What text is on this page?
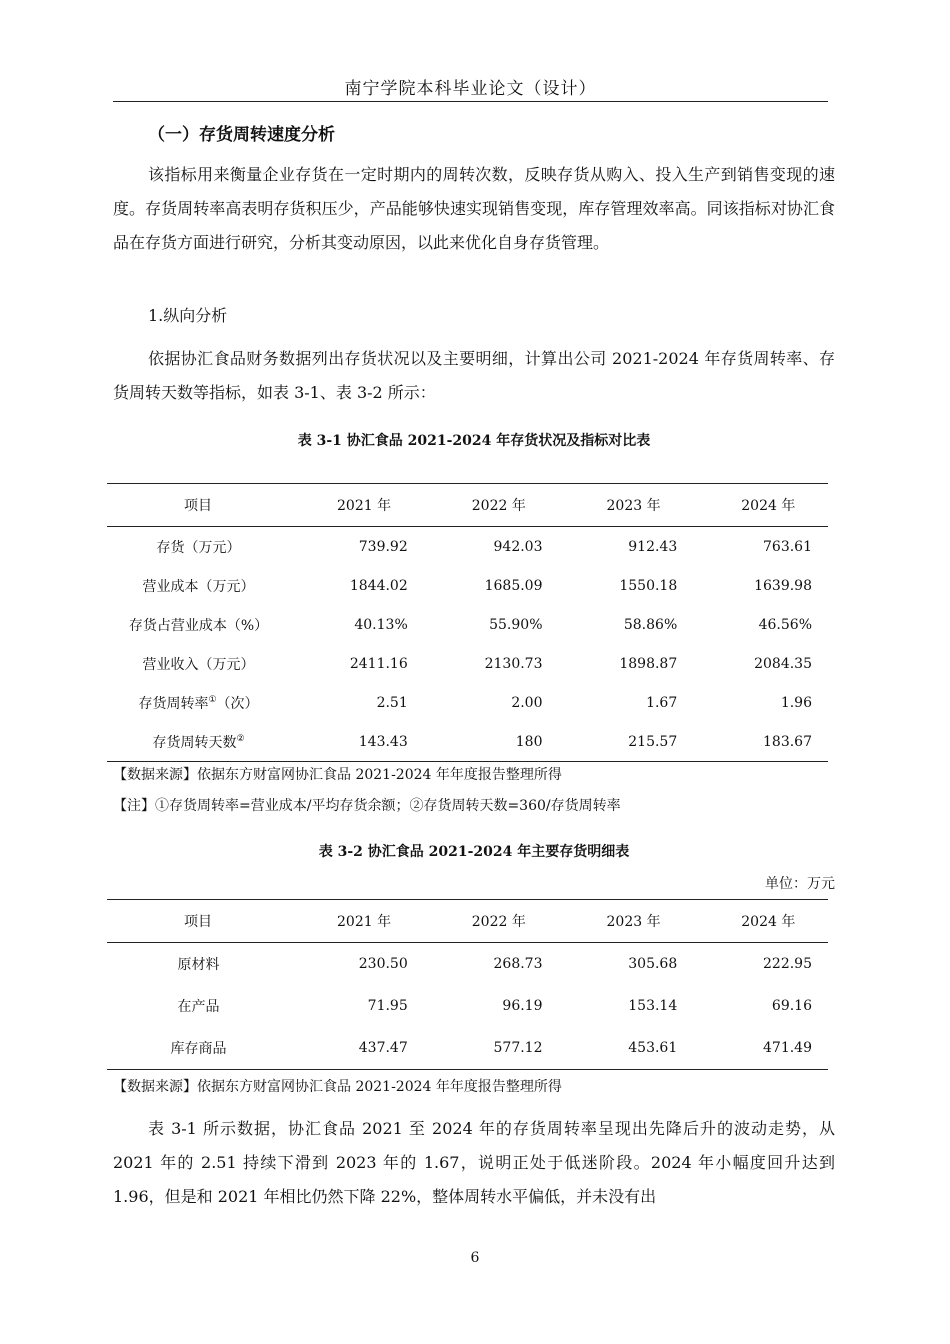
南宁学院本科毕业论文（设计）
（一）存货周转速度分析

该指标用来衡量企业存货在一定时期内的周转次数，反映存货从购入、投入生产到销售变现的速度。存货周转率高表明存货积压少，产品能够快速实现销售变现，库存管理效率高。同该指标对协汇食品在存货方面进行研究，分析其变动原因，以此来优化自身存货管理。

1.纵向分析

依据协汇食品财务数据列出存货状况以及主要明细，计算出公司 2021-2024 年存货周转率、存货周转天数等指标，如表 3-1、表 3-2 所示：

表 3-1 协汇食品 2021-2024 年存货状况及指标对比表
项目	2021 年	2022 年	2023 年	2024 年
存货（万元）	739.92	942.03	912.43	763.61
营业成本（万元）	1844.02	1685.09	1550.18	1639.98
存货占营业成本（%）	40.13%	55.90%	58.86%	46.56%
营业收入（万元）	2411.16	2130.73	1898.87	2084.35
存货周转率①（次）	2.51	2.00	1.67	1.96
存货周转天数②	143.43	180	215.57	183.67
【数据来源】依据东方财富网协汇食品 2021-2024 年年度报告整理所得
【注】①存货周转率=营业成本/平均存货余额；②存货周转天数=360/存货周转率
表 3-2 协汇食品 2021-2024 年主要存货明细表
单位：万元
项目	2021 年	2022 年	2023 年	2024 年
原材料	230.50	268.73	305.68	222.95
在产品	71.95	96.19	153.14	69.16
库存商品	437.47	577.12	453.61	471.49
【数据来源】依据东方财富网协汇食品 2021-2024 年年度报告整理所得

表 3-1 所示数据，协汇食品 2021 至 2024 年的存货周转率呈现出先降后升的波动走势，从 2021 年的 2.51 持续下滑到 2023 年的 1.67，说明正处于低迷阶段。2024 年小幅度回升达到 1.96，但是和 2021 年相比仍然下降 22%，整体周转水平偏低，并未没有出

6
